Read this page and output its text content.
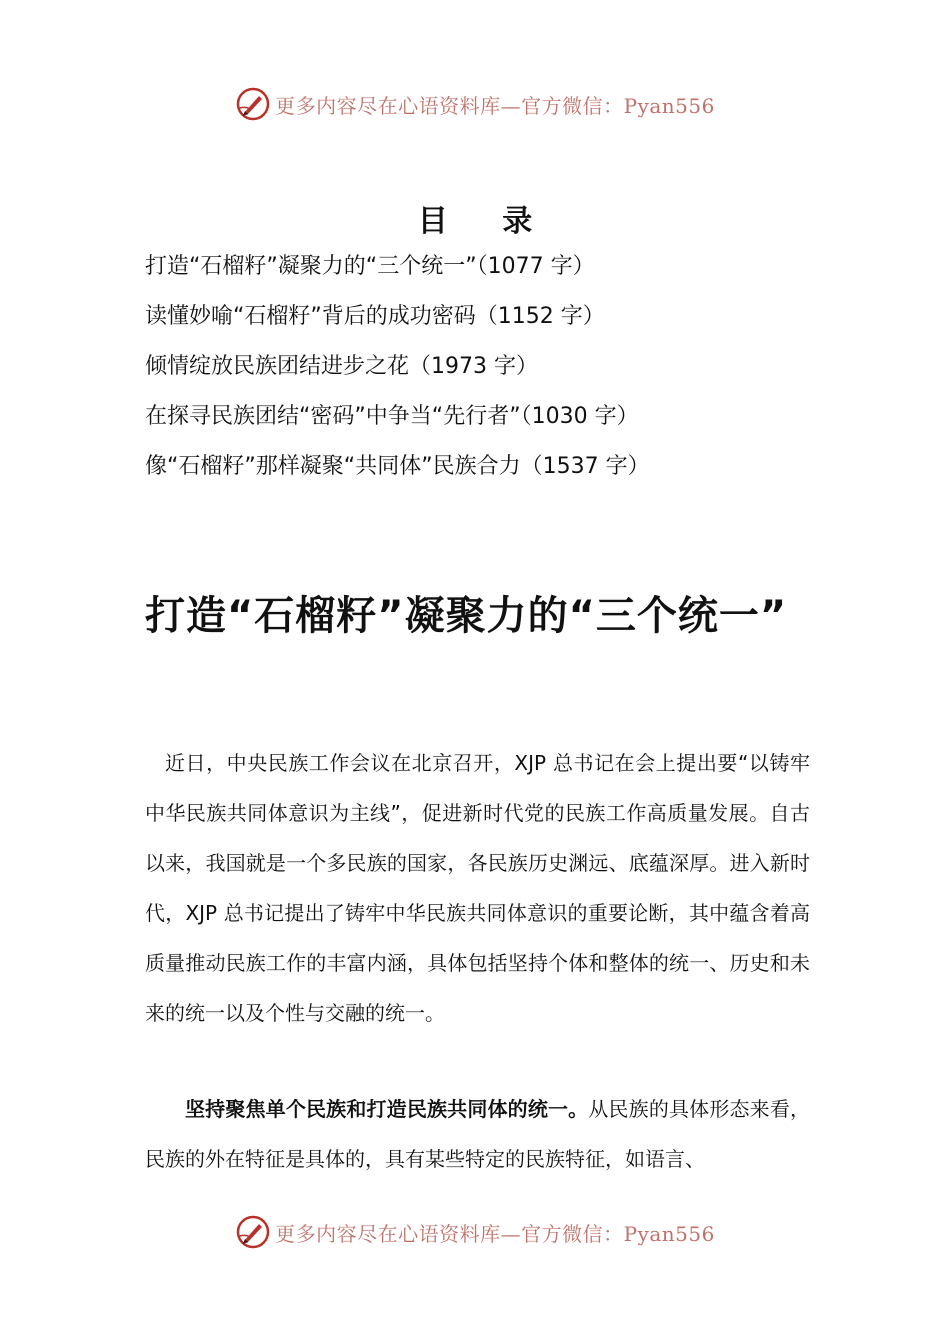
更多内容尽在心语资料库—官方微信：Pyan556
目 录
打造“石榴籽”凝聚力的“三个统一”（1077 字）
读懂妙喻“石榴籽”背后的成功密码（1152 字）
倾情绽放民族团结进步之花（1973 字）
在探寻民族团结“密码”中争当“先行者”（1030 字）
像“石榴籽”那样凝聚“共同体”民族合力（1537 字）
打造“石榴籽”凝聚力的“三个统一”

近日，中央民族工作会议在北京召开，XJP 总书记在会上提出要“以铸牢中华民族共同体意识为主线”，促进新时代党的民族工作高质量发展。自古以来，我国就是一个多民族的国家，各民族历史渊远、底蕴深厚。进入新时代，XJP 总书记提出了铸牢中华民族共同体意识的重要论断，其中蕴含着高质量推动民族工作的丰富内涵，具体包括坚持个体和整体的统一、历史和未来的统一以及个性与交融的统一。

坚持聚焦单个民族和打造民族共同体的统一。从民族的具体形态来看，民族的外在特征是具体的，具有某些特定的民族特征，如语言、

更多内容尽在心语资料库—官方微信：Pyan556
